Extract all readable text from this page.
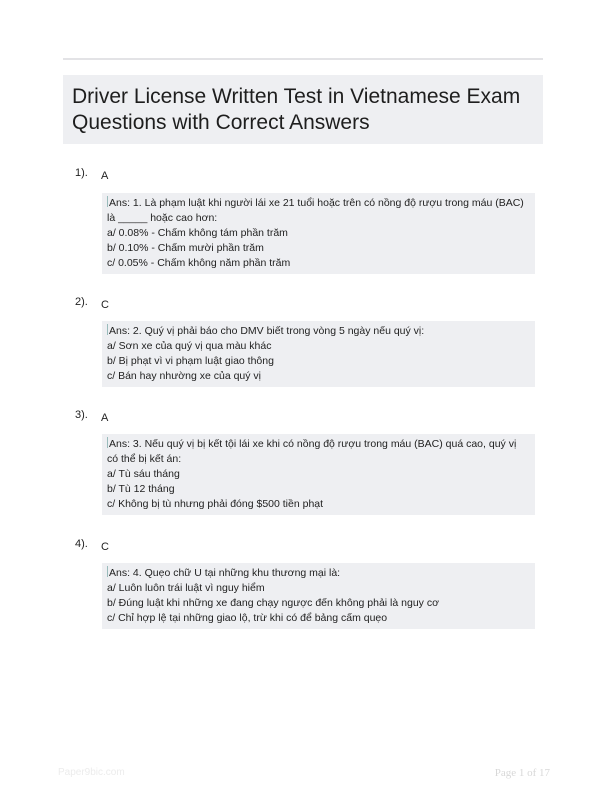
Driver License Written Test in Vietnamese Exam Questions with Correct Answers
1). A
Ans: 1. Là phạm luật khi người lái xe 21 tuổi hoặc trên có nồng độ rượu trong máu (BAC) là _____ hoặc cao hơn:
a/ 0.08% - Chấm không tám phần trăm
b/ 0.10% - Chấm mười phần trăm
c/ 0.05% - Chấm không năm phần trăm
2). C
Ans: 2. Quý vị phải báo cho DMV biết trong vòng 5 ngày nếu quý vị:
a/ Sơn xe của quý vị qua màu khác
b/ Bị phạt vì vi phạm luật giao thông
c/ Bán hay nhường xe của quý vị
3). A
Ans: 3. Nếu quý vị bị kết tội lái xe khi có nồng độ rượu trong máu (BAC) quá cao, quý vị có thể bị kết án:
a/ Tù sáu tháng
b/ Tù 12 tháng
c/ Không bị tù nhưng phải đóng $500 tiền phạt
4). C
Ans: 4. Quẹo chữ U tại những khu thương mại là:
a/ Luôn luôn trái luật vì nguy hiểm
b/ Đúng luật khi những xe đang chạy ngược đến không phải là nguy cơ
c/ Chỉ hợp lệ tại những giao lộ, trừ khi có để bảng cấm quẹo
Paper9bic.com	Page 1 of 17
